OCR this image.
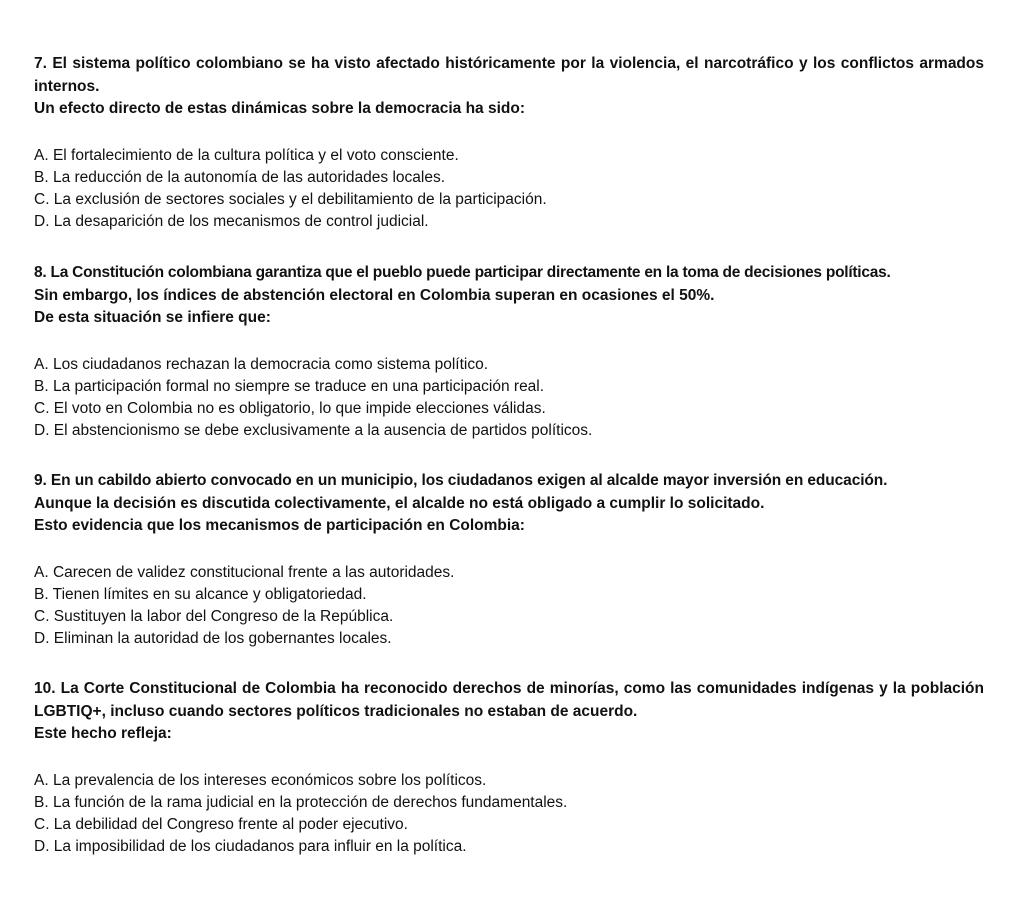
7. El sistema político colombiano se ha visto afectado históricamente por la violencia, el narcotráfico y los conflictos armados internos.

Un efecto directo de estas dinámicas sobre la democracia ha sido:

A. El fortalecimiento de la cultura política y el voto consciente.
B. La reducción de la autonomía de las autoridades locales.
C. La exclusión de sectores sociales y el debilitamiento de la participación.
D. La desaparición de los mecanismos de control judicial.

8. La Constitución colombiana garantiza que el pueblo puede participar directamente en la toma de decisiones políticas.

Sin embargo, los índices de abstención electoral en Colombia superan en ocasiones el 50%.

De esta situación se infiere que:

A. Los ciudadanos rechazan la democracia como sistema político.
B. La participación formal no siempre se traduce en una participación real.
C. El voto en Colombia no es obligatorio, lo que impide elecciones válidas.
D. El abstencionismo se debe exclusivamente a la ausencia de partidos políticos.

9. En un cabildo abierto convocado en un municipio, los ciudadanos exigen al alcalde mayor inversión en educación.

Aunque la decisión es discutida colectivamente, el alcalde no está obligado a cumplir lo solicitado.

Esto evidencia que los mecanismos de participación en Colombia:

A. Carecen de validez constitucional frente a las autoridades.
B. Tienen límites en su alcance y obligatoriedad.
C. Sustituyen la labor del Congreso de la República.
D. Eliminan la autoridad de los gobernantes locales.

10. La Corte Constitucional de Colombia ha reconocido derechos de minorías, como las comunidades indígenas y la población LGBTIQ+, incluso cuando sectores políticos tradicionales no estaban de acuerdo.

Este hecho refleja:

A. La prevalencia de los intereses económicos sobre los políticos.
B. La función de la rama judicial en la protección de derechos fundamentales.
C. La debilidad del Congreso frente al poder ejecutivo.
D. La imposibilidad de los ciudadanos para influir en la política.
